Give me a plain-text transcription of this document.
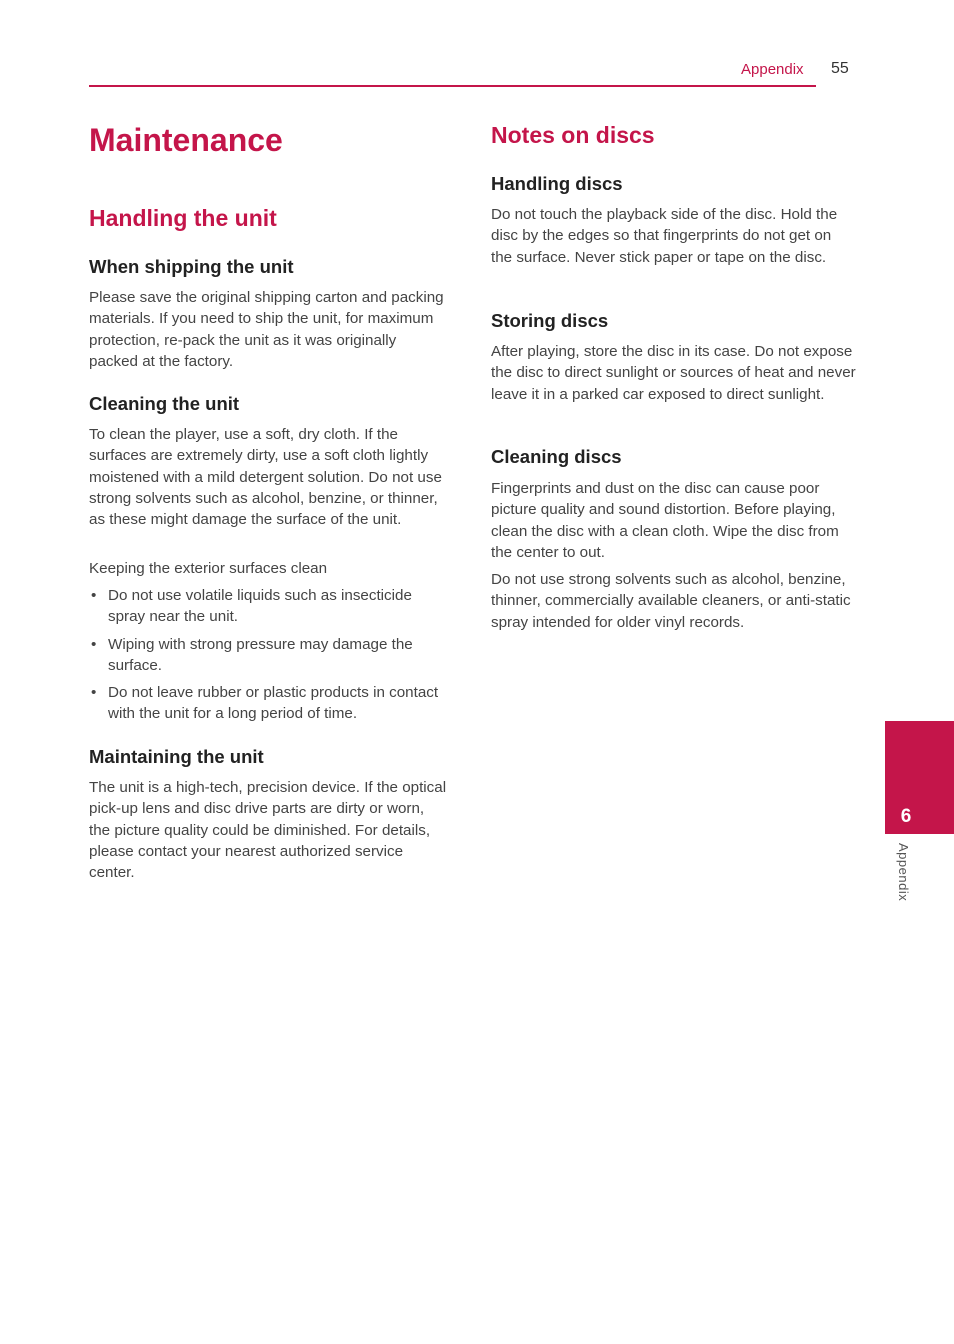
Appendix 55
Maintenance
Handling the unit
When shipping the unit

Please save the original shipping carton and packing materials. If you need to ship the unit, for maximum protection, re-pack the unit as it was originally packed at the factory.

Cleaning the unit

To clean the player, use a soft, dry cloth. If the surfaces are extremely dirty, use a soft cloth lightly moistened with a mild detergent solution. Do not use strong solvents such as alcohol, benzine, or thinner, as these might damage the surface of the unit.

Keeping the exterior surfaces clean

• Do not use volatile liquids such as insecticide spray near the unit.
• Wiping with strong pressure may damage the surface.
• Do not leave rubber or plastic products in contact with the unit for a long period of time.
Maintaining the unit

The unit is a high-tech, precision device. If the optical pick-up lens and disc drive parts are dirty or worn, the picture quality could be diminished. For details, please contact your nearest authorized service center.

Notes on discs
Handling discs

Do not touch the playback side of the disc. Hold the disc by the edges so that fingerprints do not get on the surface. Never stick paper or tape on the disc.

Storing discs

After playing, store the disc in its case. Do not expose the disc to direct sunlight or sources of heat and never leave it in a parked car exposed to direct sunlight.

Cleaning discs

Fingerprints and dust on the disc can cause poor picture quality and sound distortion. Before playing, clean the disc with a clean cloth. Wipe the disc from the center to out.

Do not use strong solvents such as alcohol, benzine, thinner, commercially available cleaners, or anti-static spray intended for older vinyl records.

6
Appendix
